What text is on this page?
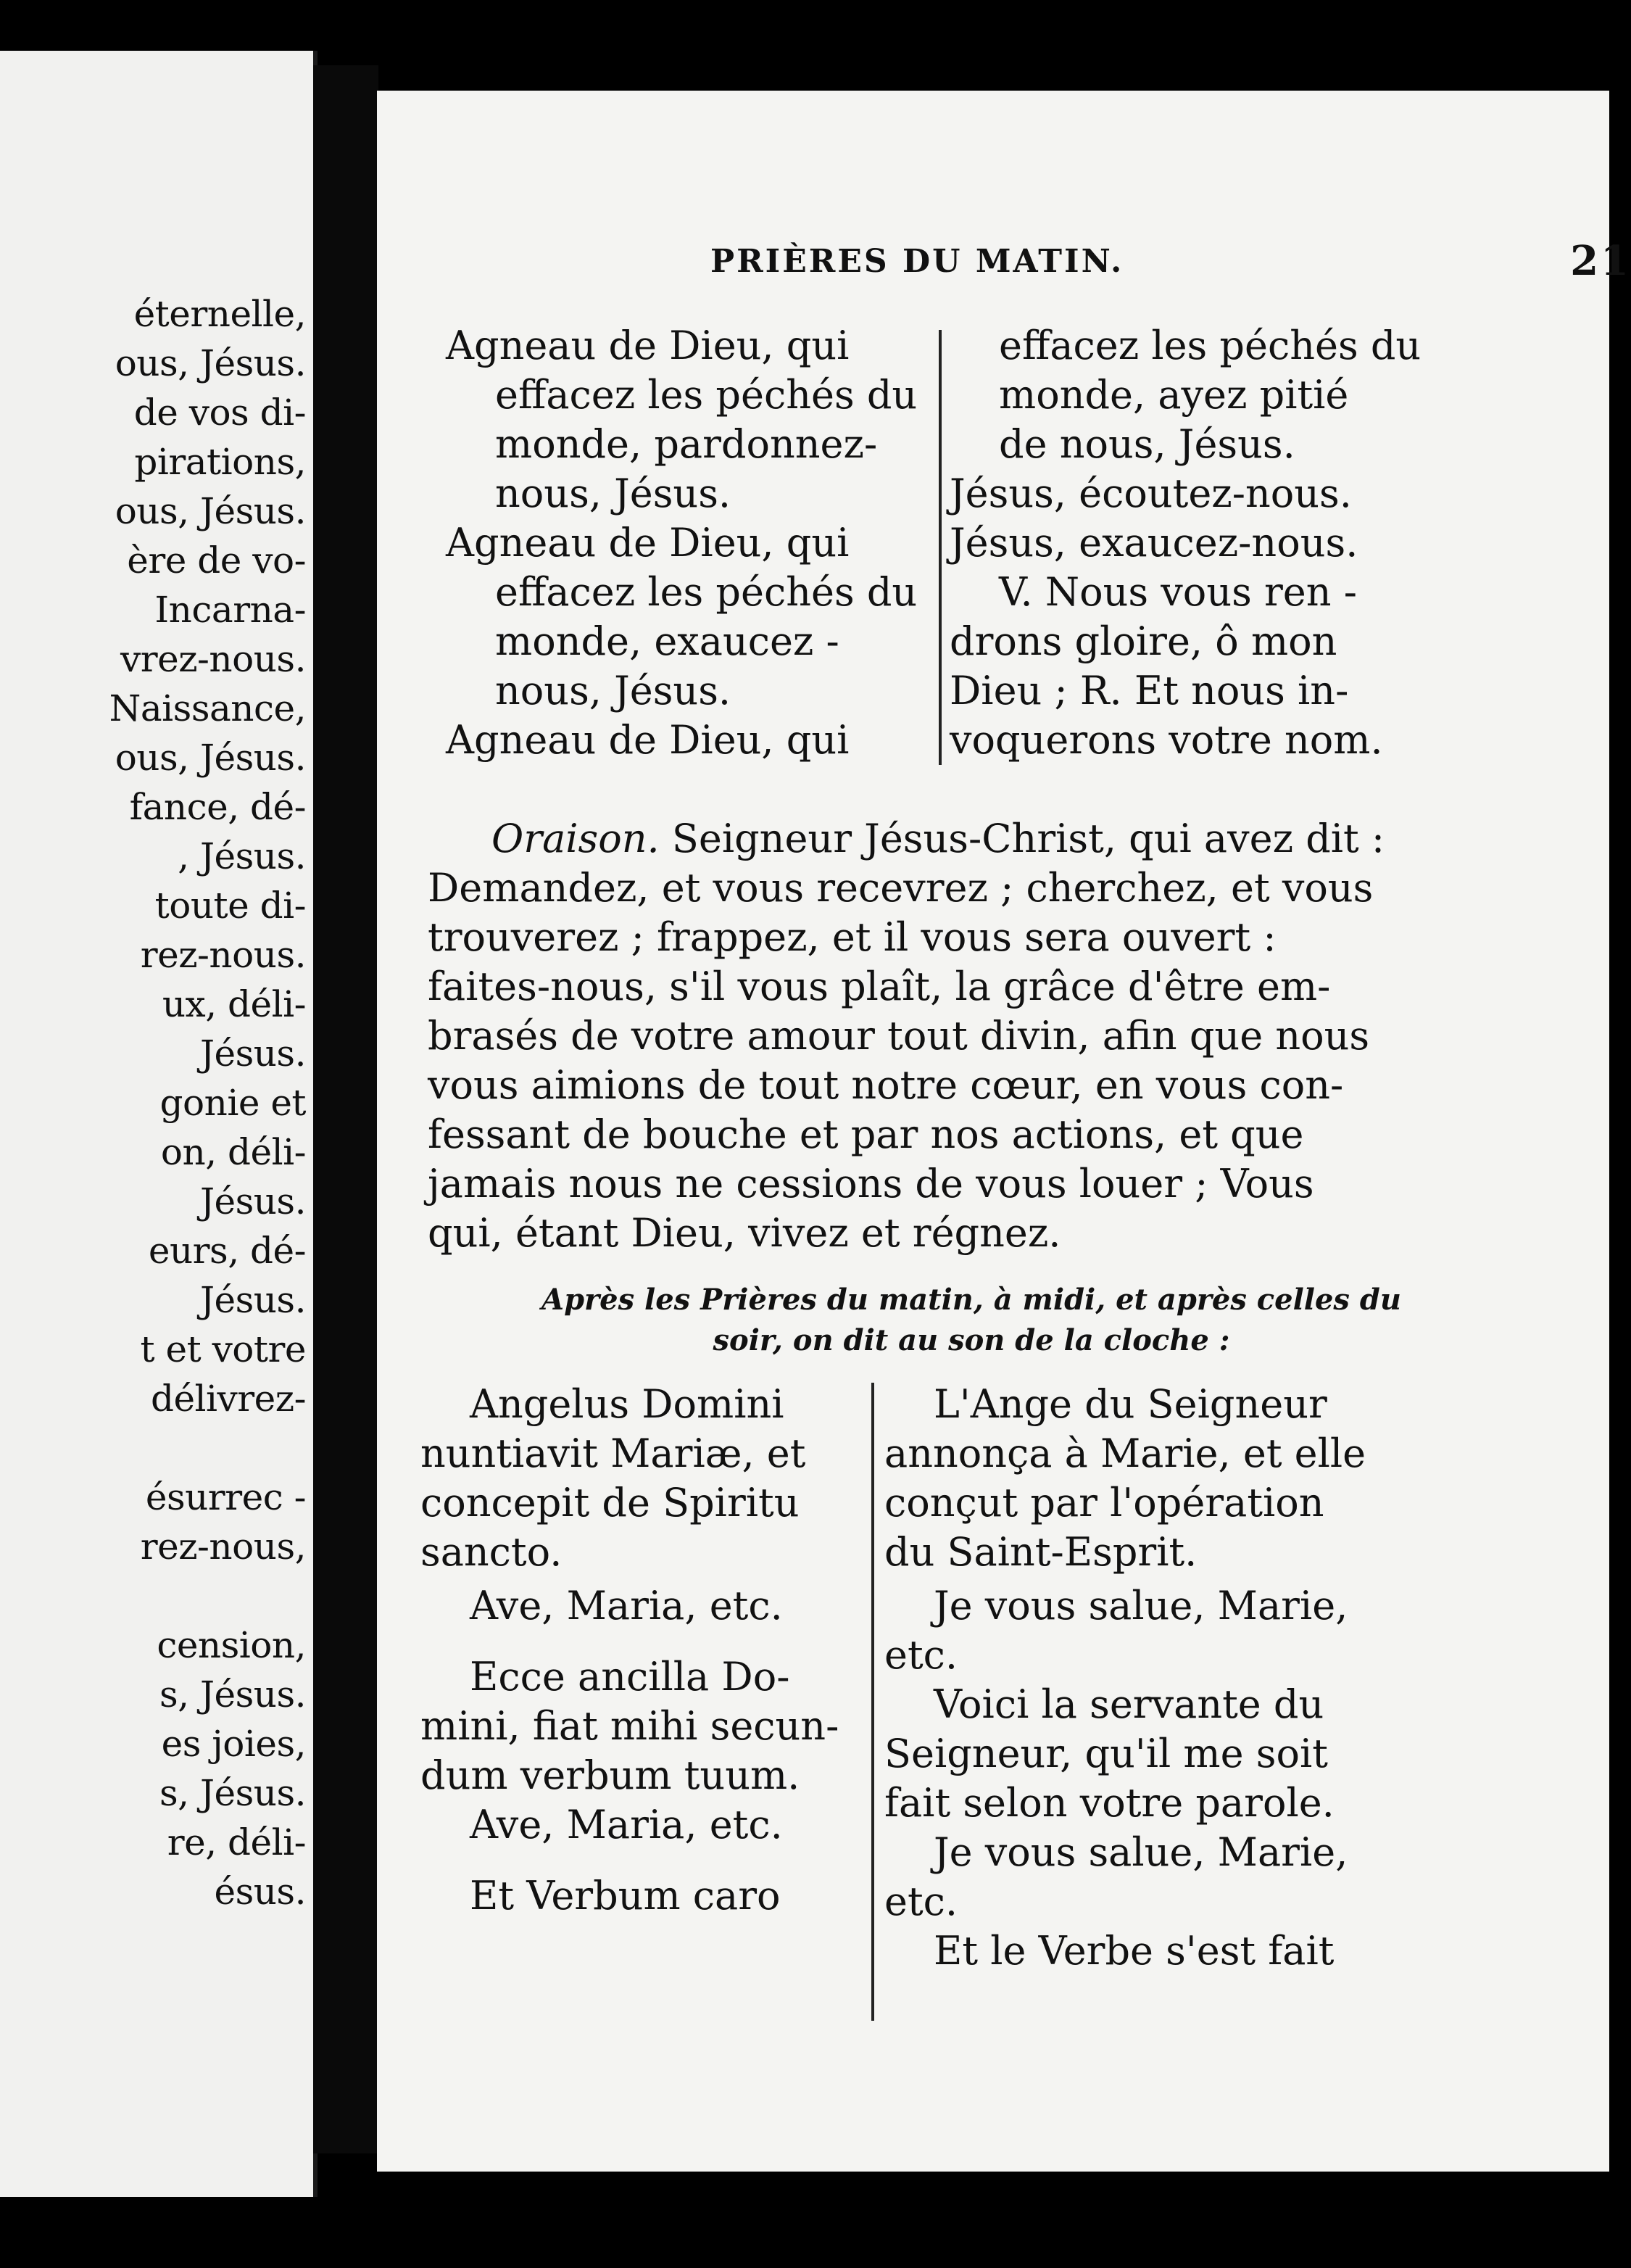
éternelle,
ous, Jésus.
de vos di-
pirations,
ous, Jésus.
ère de vo-
Incarna-
vrez-nous.
Naissance,
ous, Jésus.
fance, dé-
, Jésus.
toute di-
rez-nous.
ux, déli-
Jésus.
gonie et
on, déli-
Jésus.
eurs, dé-
Jésus.
t et votre
délivrez-
ésurrec -
rez-nous,
cension,
s, Jésus.
es joies,
s, Jésus.
re, déli-
ésus.
PRIÈRES DU MATIN.	21
Agneau de Dieu, qui
effacez les péchés du
monde, pardonnez-
nous, Jésus.
Agneau de Dieu, qui
effacez les péchés du
monde, exaucez -
nous, Jésus.
Agneau de Dieu, qui
effacez les péchés du
monde, ayez pitié
de nous, Jésus.
Jésus, écoutez-nous.
Jésus, exaucez-nous.
V. Nous vous ren -
drons gloire, ô mon
Dieu ; R. Et nous in-
voquerons votre nom.
Oraison. Seigneur Jésus-Christ, qui avez dit :
Demandez, et vous recevrez ; cherchez, et vous
trouverez ; frappez, et il vous sera ouvert :
faites-nous, s'il vous plaît, la grâce d'être em-
brasés de votre amour tout divin, afin que nous
vous aimions de tout notre cœur, en vous con-
fessant de bouche et par nos actions, et que
jamais nous ne cessions de vous louer ; Vous
qui, étant Dieu, vivez et régnez.
Après les Prières du matin, à midi, et après celles du
soir, on dit au son de la cloche :
Angelus Domini
nuntiavit Mariæ, et
concepit de Spiritu
sancto.
Ave, Maria, etc.
Ecce ancilla Do-
mini, fiat mihi secun-
dum verbum tuum.
Ave, Maria, etc.
Et Verbum caro
L'Ange du Seigneur
annonça à Marie, et elle
conçut par l'opération
du Saint-Esprit.
Je vous salue, Marie,
etc.
Voici la servante du
Seigneur, qu'il me soit
fait selon votre parole.
Je vous salue, Marie,
etc.
Et le Verbe s'est fait
